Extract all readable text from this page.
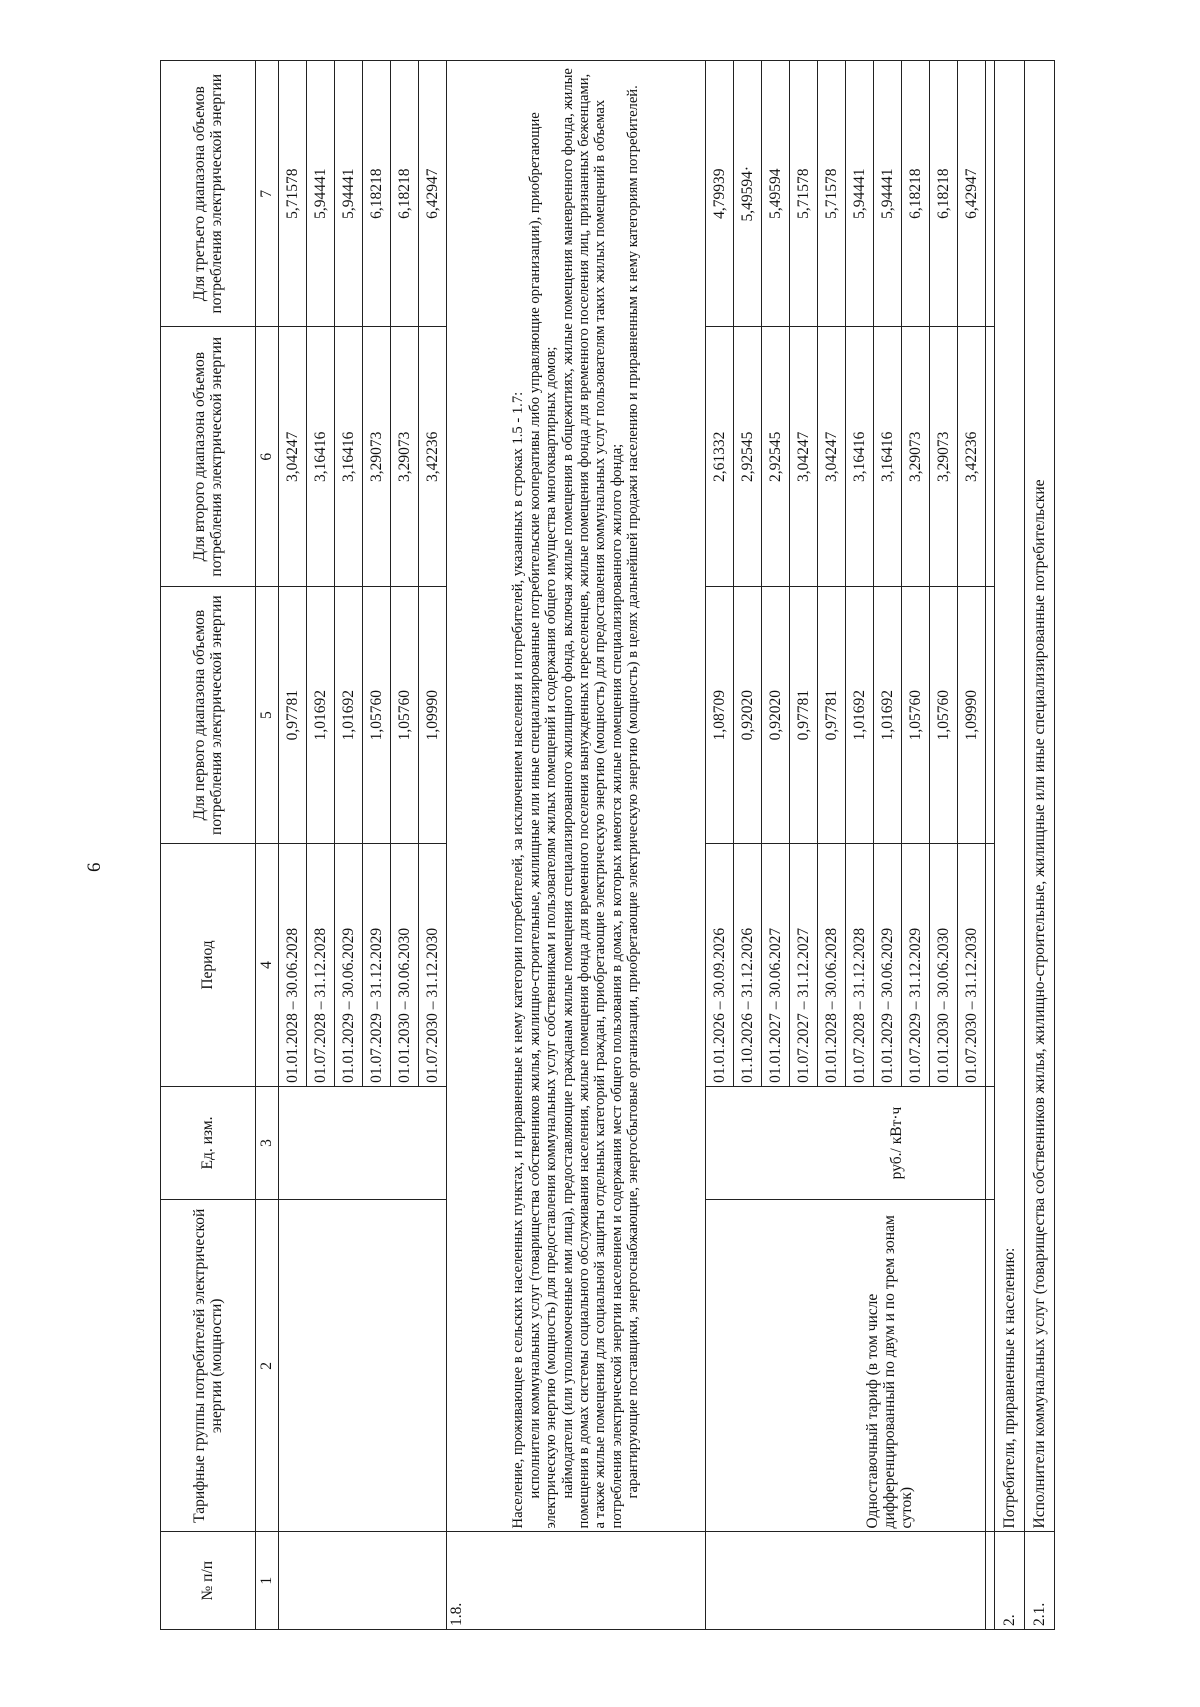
6
№ п/п	Тарифные группы потребителей электрической энергии (мощности)	Ед. изм.	Период	Для первого диапазона объемов потребления электрической энергии	Для второго диапазона объемов потребления электрической энергии	Для третьего диапазона объемов потребления электрической энергии
1	2	3	4	5	6	7
			01.01.2028 – 30.06.2028	0,97781	3,04247	5,71578
			01.07.2028 – 31.12.2028	1,01692	3,16416	5,94441
			01.01.2029 – 30.06.2029	1,01692	3,16416	5,94441
			01.07.2029 – 31.12.2029	1,05760	3,29073	6,18218
			01.01.2030 – 30.06.2030	1,05760	3,29073	6,18218
			01.07.2030 – 31.12.2030	1,09990	3,42236	6,42947
1.8.	Население, проживающее в сельских населенных пунктах, и приравненные к нему категории потребителей, за исключением населения и потребителей, указанных в строках 1.5 - 1.7: исполнители коммунальных услуг (товарищества собственников жилья, жилищно-строительные, жилищные или иные специализированные потребительские кооперативы либо управляющие организации), приобретающие электрическую энергию (мощность) для предоставления коммунальных услуг собственникам и пользователям жилых помещений и содержания общего имущества многоквартирных домов; наймодатели (или уполномоченные ими лица), предоставляющие гражданам жилые помещения специализированного жилищного фонда, включая жилые помещения в общежитиях, жилые помещения маневренного фонда, жилые помещения в домах системы социального обслуживания населения, жилые помещения фонда для временного поселения вынужденных переселенцев, жилые помещения фонда для временного поселения лиц, признанных беженцами, а также жилые помещения для социальной защиты отдельных категорий граждан, приобретающие электрическую энергию (мощность) для предоставления коммунальных услуг пользователям таких жилых помещений в объемах потребления электрической энергии населением и содержания мест общего пользования в домах, в которых имеются жилые помещения специализированного жилого фонда; гарантирующие поставщики, энергоснабжающие, энергосбытовые организации, приобретающие электрическую энергию (мощность) в целях дальнейшей продажи населению и приравненным к нему категориям потребителей.					

	Одноставочный тариф (в том числе дифференцированный по двум и по трем зонам суток)	руб./ кВт·ч	01.01.2026 – 30.09.2026	1,08709	2,61332	4,79939
			01.10.2026 – 31.12.2026	0,92020	2,92545	5,49594·
			01.01.2027 – 30.06.2027	0,92020	2,92545	5,49594
			01.07.2027 – 31.12.2027	0,97781	3,04247	5,71578
			01.01.2028 – 30.06.2028	0,97781	3,04247	5,71578
			01.07.2028 – 31.12.2028	1,01692	3,16416	5,94441
			01.01.2029 – 30.06.2029	1,01692	3,16416	5,94441
			01.07.2029 – 31.12.2029	1,05760	3,29073	6,18218
			01.01.2030 – 30.06.2030	1,05760	3,29073	6,18218
			01.07.2030 – 31.12.2030	1,09990	3,42236	6,42947

2.	Потребители, приравненные к населению:					
2.1.	Исполнители коммунальных услуг (товарищества собственников жилья, жилищно-строительные, жилищные или иные специализированные потребительские					
